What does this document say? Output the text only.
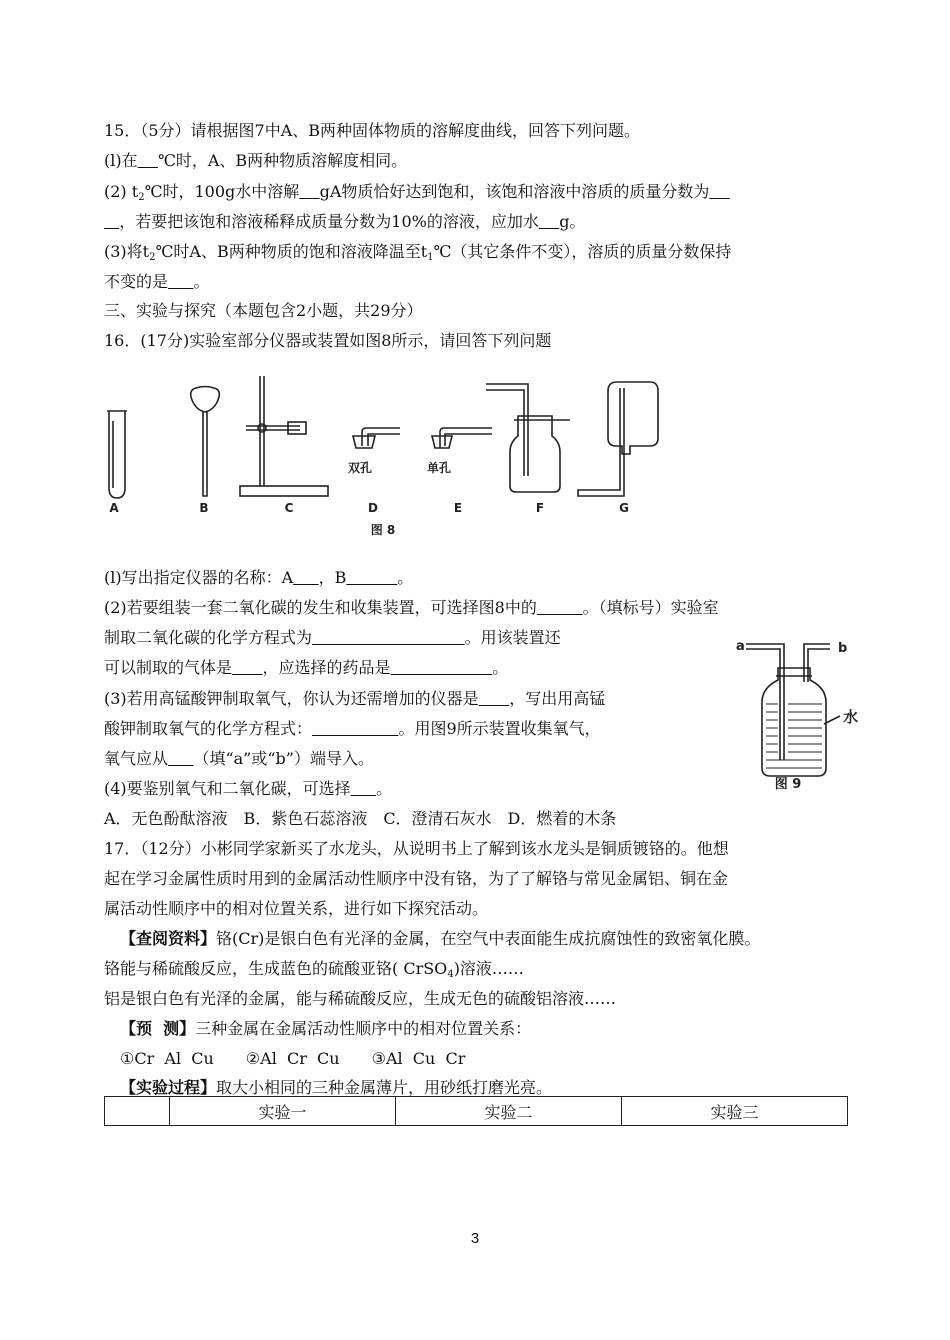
15．（5分）请根据图7中A、B两种固体物质的溶解度曲线，回答下列问题。
(l)在 ℃时，A、B两种物质溶解度相同。
(2) $t_2℃$时，100g水中溶解 gA物质恰好达到饱和，该饱和溶液中溶质的质量分数为
，若要把该饱和溶液稀释成质量分数为10%的溶液，应加水 g。
(3)将$t_2℃$时A、B两种物质的饱和溶液降温至$t_1℃$（其它条件不变），溶质的质量分数保持
不变的是 。
三、实验与探究（本题包含2小题，共29分）
16．(17分)实验室部分仪器或装置如图8所示，请回答下列问题
双孔	单孔
A	B	C	D	E	F	G
图 8
(l)写出指定仪器的名称：A ，B	。
(2)若要组装一套二氧化碳的发生和收集装置，可选择图8中的	。（填标号）实验室
制取二氧化碳的化学方程式为	。用该装置还
可以制取的气体是 ，应选择的药品是	。
(3)若用高锰酸钾制取氧气，你认为还需增加的仪器是 ，写出用高锰
酸钾制取氧气的化学方程式：	。用图9所示装置收集氧气，
氧气应从 （填“a”或“b”）端导入。
(4)要鉴别氧气和二氧化碳，可选择 。
A．无色酚酞溶液　B．紫色石蕊溶液　C．澄清石灰水　D．燃着的木条
a	b
水
图 9
17．（12分）小彬同学家新买了水龙头，从说明书上了解到该水龙头是铜质镀铬的。他想
起在学习金属性质时用到的金属活动性顺序中没有铬，为了了解铬与常见金属铝、铜在金
属活动性顺序中的相对位置关系，进行如下探究活动。
【查阅资料】铬(Cr)是银白色有光泽的金属，在空气中表面能生成抗腐蚀性的致密氧化膜。
铬能与稀硫酸反应，生成蓝色的硫酸亚铬( CrSO$_4$)溶液……
铝是银白色有光泽的金属，能与稀硫酸反应，生成无色的硫酸铝溶液……
【预  测】三种金属在金属活动性顺序中的相对位置关系：
①Cr  Al  Cu　　②Al  Cr  Cu　　③Al  Cu  Cr
【实验过程】取大小相同的三种金属薄片，用砂纸打磨光亮。
	实验一	实验二	实验三
3
